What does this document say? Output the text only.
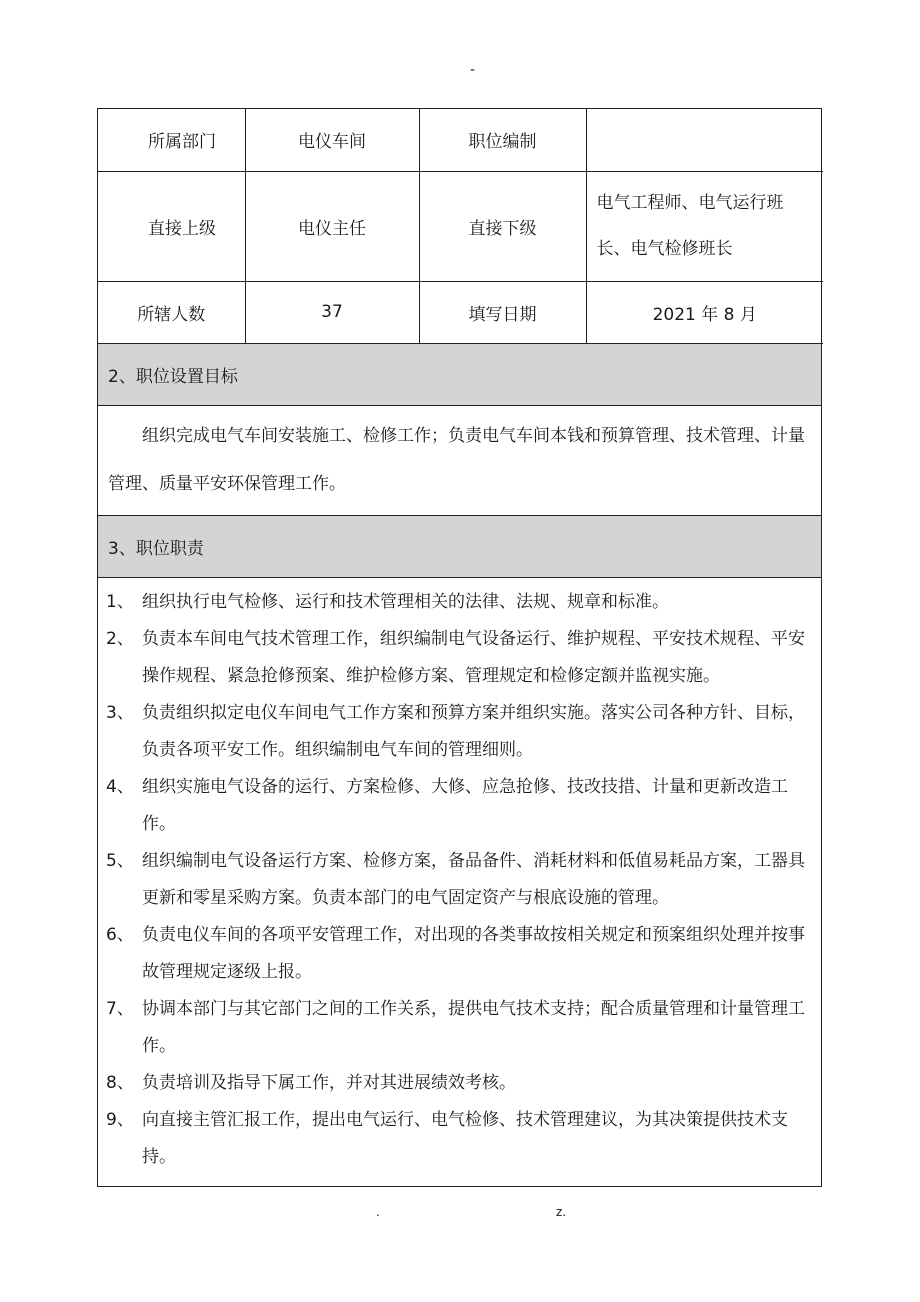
-
所属部门	电仪车间	职位编制	
直接上级	电仪主任	直接下级	电气工程师、电气运行班长、电气检修班长
所辖人数	37	填写日期	2021 年 8 月
2、职位设置目标
组织完成电气车间安装施工、检修工作；负责电气车间本钱和预算管理、技术管理、计量管理、质量平安环保管理工作。
3、职位职责
1、 组织执行电气检修、运行和技术管理相关的法律、法规、规章和标准。
2、 负责本车间电气技术管理工作，组织编制电气设备运行、维护规程、平安技术规程、平安操作规程、紧急抢修预案、维护检修方案、管理规定和检修定额并监视实施。
3、 负责组织拟定电仪车间电气工作方案和预算方案并组织实施。落实公司各种方针、目标，负责各项平安工作。组织编制电气车间的管理细则。
4、 组织实施电气设备的运行、方案检修、大修、应急抢修、技改技措、计量和更新改造工作。
5、 组织编制电气设备运行方案、检修方案，备品备件、消耗材料和低值易耗品方案，工器具更新和零星采购方案。负责本部门的电气固定资产与根底设施的管理。
6、 负责电仪车间的各项平安管理工作，对出现的各类事故按相关规定和预案组织处理并按事故管理规定逐级上报。
7、 协调本部门与其它部门之间的工作关系，提供电气技术支持；配合质量管理和计量管理工作。
8、 负责培训及指导下属工作，并对其进展绩效考核。
9、 向直接主管汇报工作，提出电气运行、电气检修、技术管理建议，为其决策提供技术支持。
.	z.
